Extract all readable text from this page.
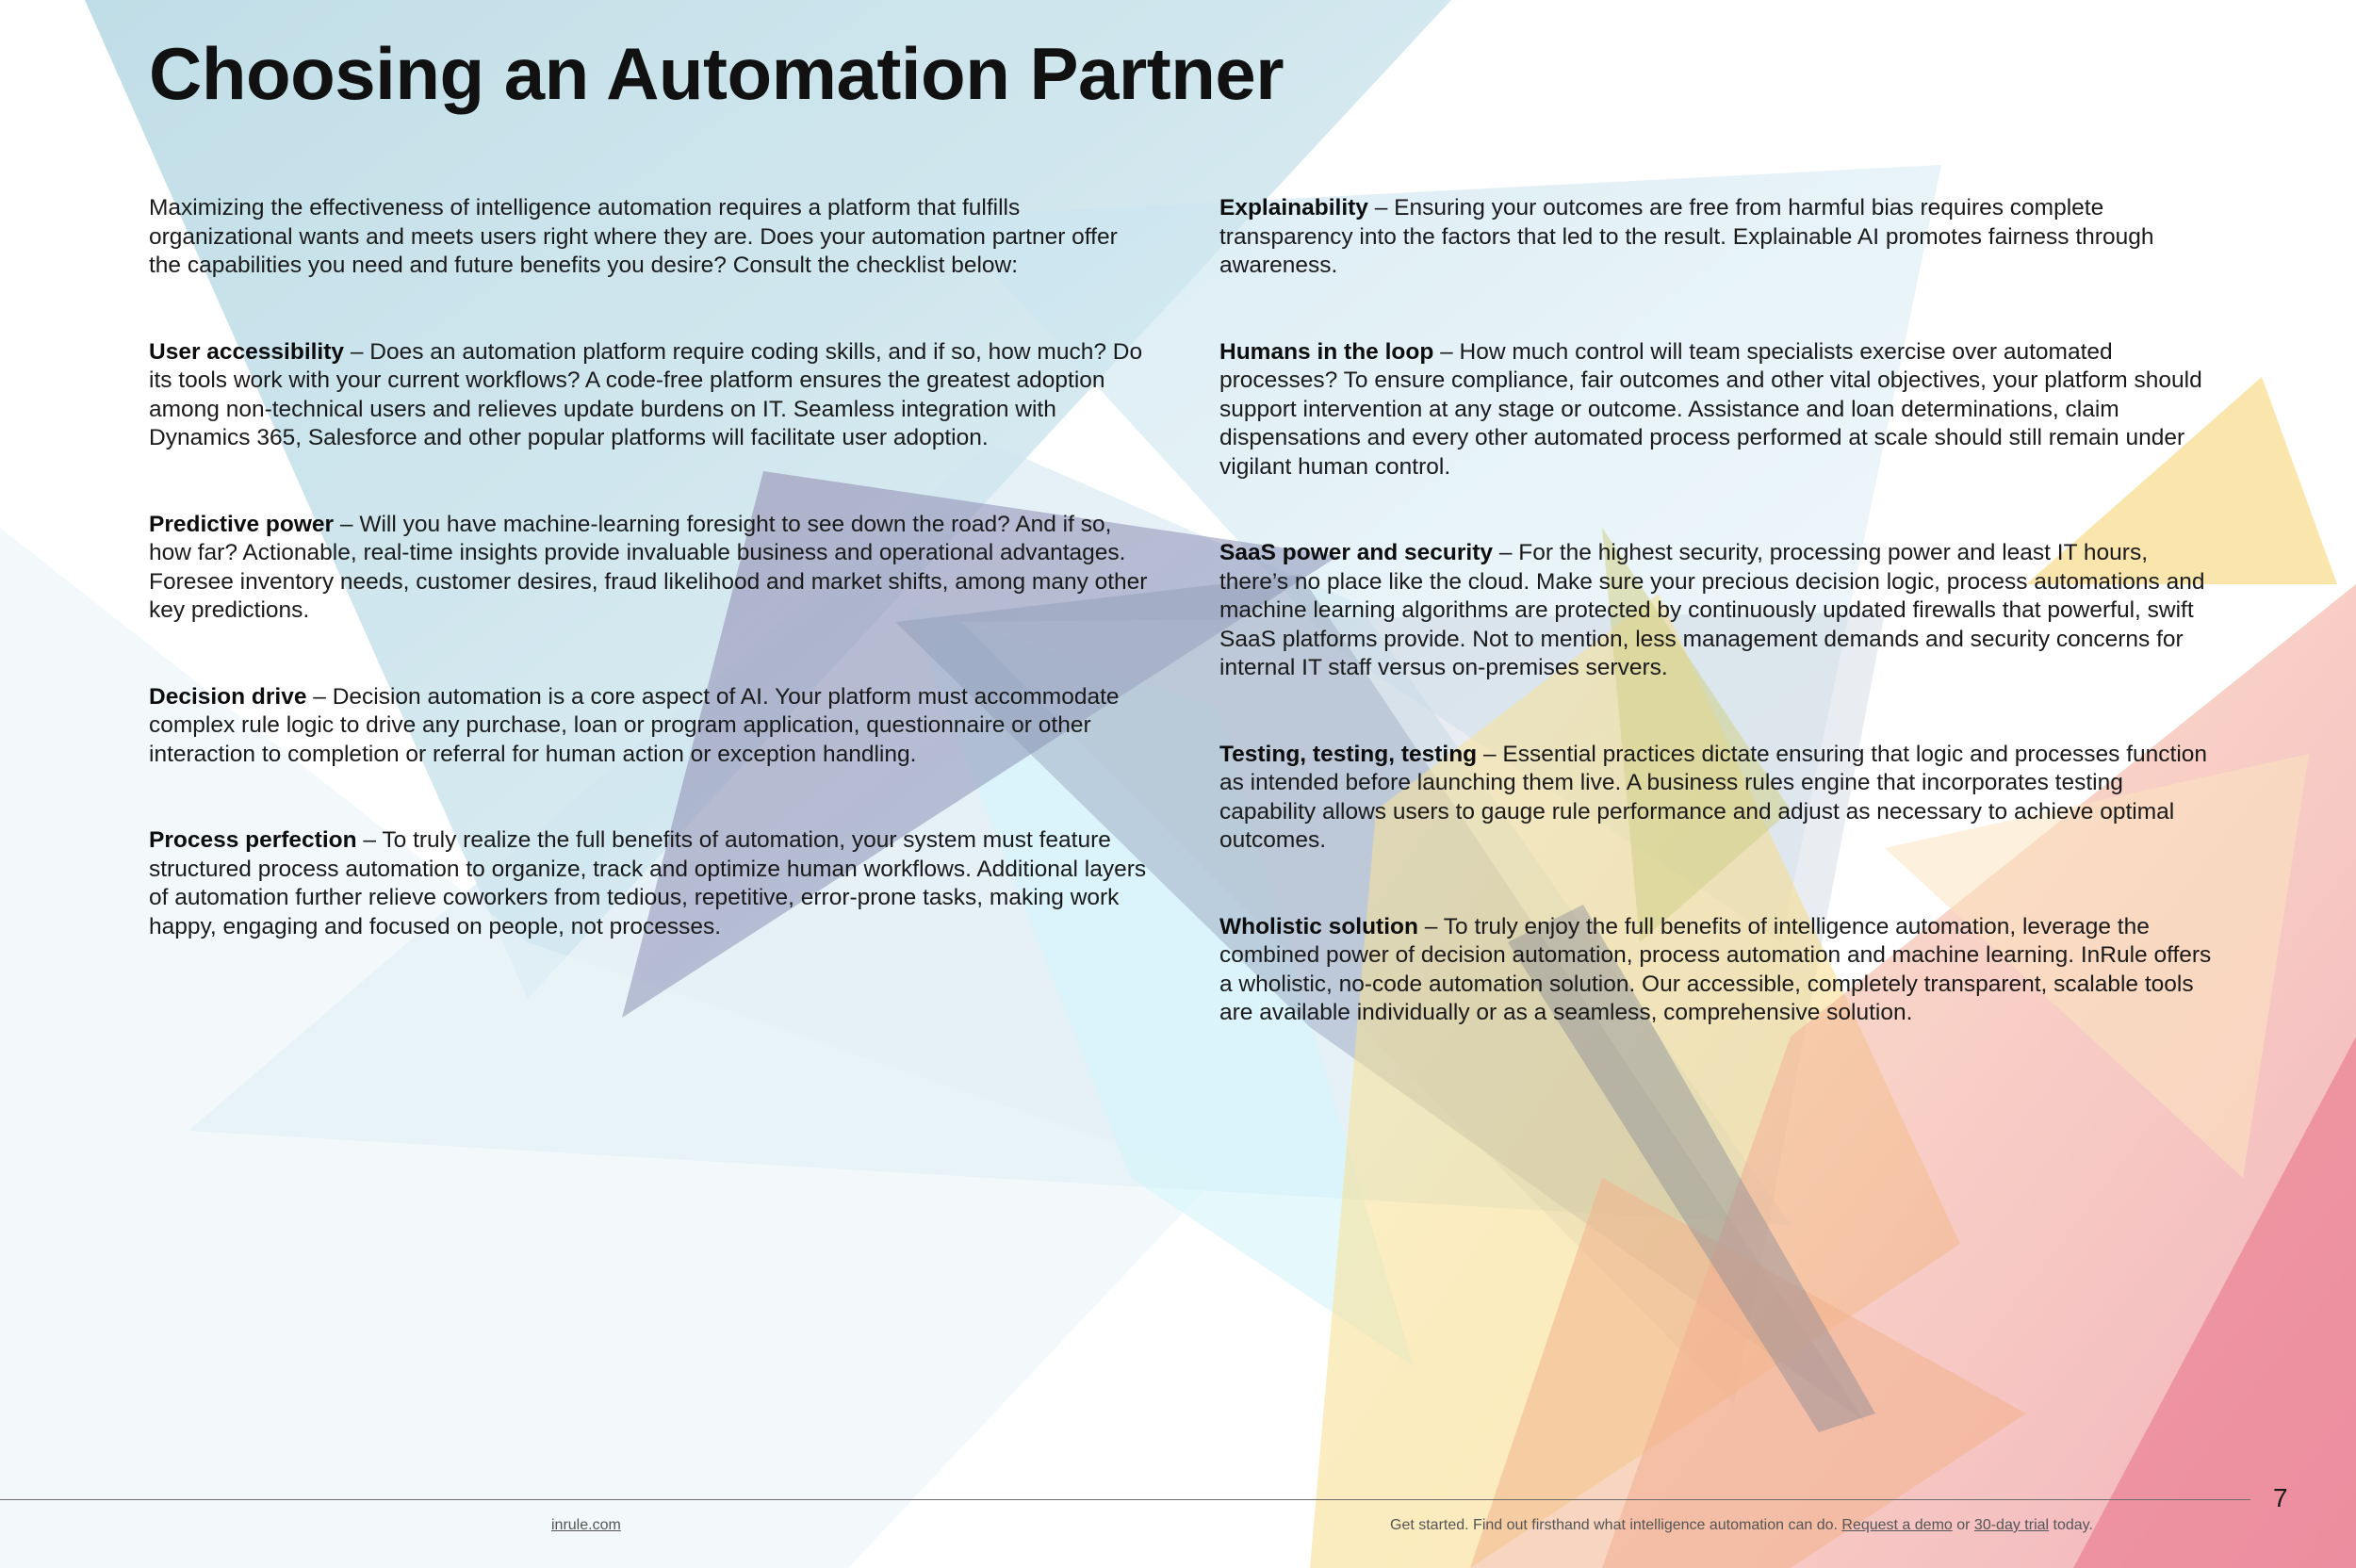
Choosing an Automation Partner

Maximizing the effectiveness of intelligence automation requires a platform that fulfills organizational wants and meets users right where they are. Does your automation partner offer the capabilities you need and future benefits you desire? Consult the checklist below:

User accessibility – Does an automation platform require coding skills, and if so, how much? Do its tools work with your current workflows? A code-free platform ensures the greatest adoption among non-technical users and relieves update burdens on IT. Seamless integration with Dynamics 365, Salesforce and other popular platforms will facilitate user adoption.

Predictive power – Will you have machine-learning foresight to see down the road? And if so, how far? Actionable, real-time insights provide invaluable business and operational advantages. Foresee inventory needs, customer desires, fraud likelihood and market shifts, among many other key predictions.

Decision drive – Decision automation is a core aspect of AI. Your platform must accommodate complex rule logic to drive any purchase, loan or program application, questionnaire or other interaction to completion or referral for human action or exception handling.

Process perfection – To truly realize the full benefits of automation, your system must feature structured process automation to organize, track and optimize human workflows. Additional layers of automation further relieve coworkers from tedious, repetitive, error-prone tasks, making work happy, engaging and focused on people, not processes.

Explainability – Ensuring your outcomes are free from harmful bias requires complete transparency into the factors that led to the result. Explainable AI promotes fairness through awareness.

Humans in the loop – How much control will team specialists exercise over automated processes? To ensure compliance, fair outcomes and other vital objectives, your platform should support intervention at any stage or outcome. Assistance and loan determinations, claim dispensations and every other automated process performed at scale should still remain under vigilant human control.

SaaS power and security – For the highest security, processing power and least IT hours, there’s no place like the cloud. Make sure your precious decision logic, process automations and machine learning algorithms are protected by continuously updated firewalls that powerful, swift SaaS platforms provide. Not to mention, less management demands and security concerns for internal IT staff versus on-premises servers.

Testing, testing, testing – Essential practices dictate ensuring that logic and processes function as intended before launching them live. A business rules engine that incorporates testing capability allows users to gauge rule performance and adjust as necessary to achieve optimal outcomes.

Wholistic solution – To truly enjoy the full benefits of intelligence automation, leverage the combined power of decision automation, process automation and machine learning. InRule offers a wholistic, no-code automation solution. Our accessible, completely transparent, scalable tools are available individually or as a seamless, comprehensive solution.

7
inrule.com	Get started. Find out firsthand what intelligence automation can do. Request a demo or 30-day trial today.
